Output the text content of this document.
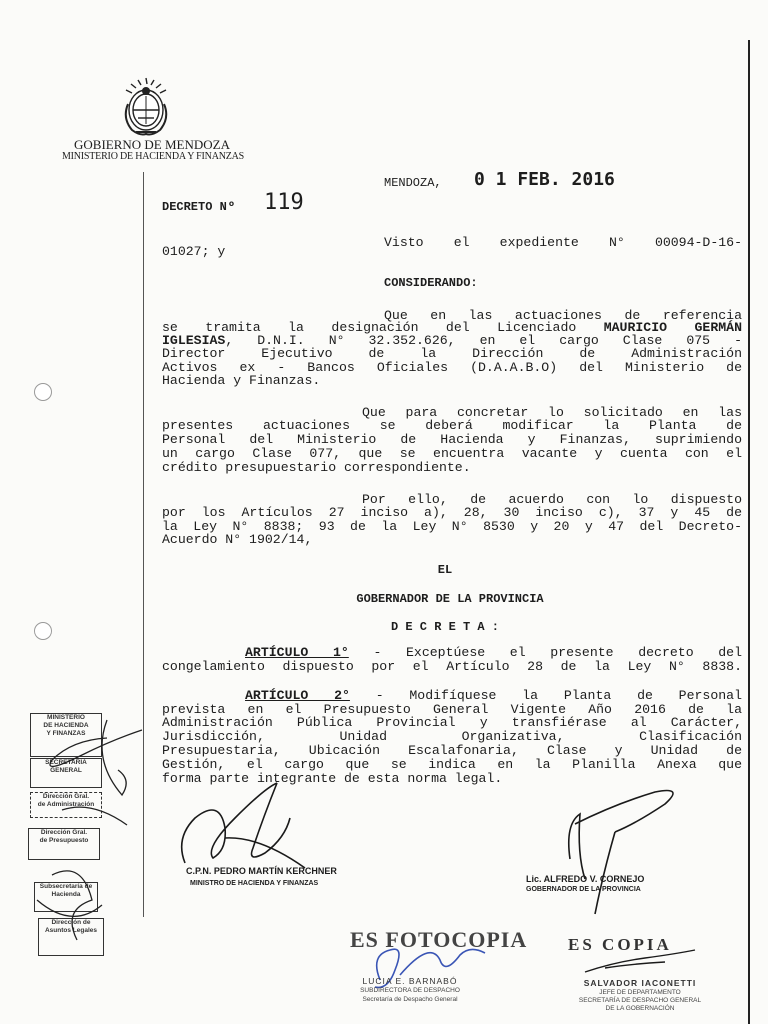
GOBIERNO DE MENDOZA
MINISTERIO DE HACIENDA Y FINANZAS
DECRETO Nº 119
MENDOZA, 0 1 FEB. 2016
Visto el expediente N° 00094-D-16-
01027; y
CONSIDERANDO:
Que en las actuaciones de referencia
se tramita la designación del Licenciado MAURICIO GERMÁN
IGLESIAS, D.N.I. N° 32.352.626, en el cargo Clase 075 -
Director Ejecutivo de la Dirección de Administración
Activos ex - Bancos Oficiales (D.A.A.B.O) del Ministerio de
Hacienda y Finanzas.
Que para concretar lo solicitado en las
presentes actuaciones se deberá modificar la Planta de
Personal del Ministerio de Hacienda y Finanzas, suprimiendo
un cargo Clase 077, que se encuentra vacante y cuenta con el
crédito presupuestario correspondiente.
Por ello, de acuerdo con lo dispuesto
por los Artículos 27 inciso a), 28, 30 inciso c), 37 y 45 de
la Ley N° 8838; 93 de la Ley N° 8530 y 20 y 47 del Decreto-
Acuerdo N° 1902/14,
EL
GOBERNADOR DE LA PROVINCIA
D E C R E T A :
ARTÍCULO 1° - Exceptúese el presente decreto del
congelamiento dispuesto por el Artículo 28 de la Ley N° 8838.
ARTÍCULO 2° - Modifíquese la Planta de Personal
prevista en el Presupuesto General Vigente Año 2016 de la
Administración Pública Provincial y transfiérase al Carácter,
Jurisdicción, Unidad Organizativa, Clasificación
Presupuestaria, Ubicación Escalafonaria, Clase y Unidad de
Gestión, el cargo que se indica en la Planilla Anexa que
forma parte integrante de esta norma legal.
MINISTERIO
DE HACIENDA
Y FINANZAS
SECRETARIA
GENERAL
Dirección Gral.
de Administración
Dirección Gral.
de Presupuesto
Subsecretaría de
Hacienda
Dirección de
Asuntos Legales
C.P.N. PEDRO MARTÍN KERCHNER
MINISTRO DE HACIENDA Y FINANZAS	Lic. ALFREDO V. CORNEJO
GOBERNADOR DE LA PROVINCIA
ES FOTOCOPIA
LUCIA E. BARNABÓ
SUBDIRECTORA DE DESPACHO
Secretaría de Despacho General
ES COPIA
SALVADOR IACONETTI
JEFE DE DEPARTAMENTO
SECRETARÍA DE DESPACHO GENERAL
DE LA GOBERNACIÓN
